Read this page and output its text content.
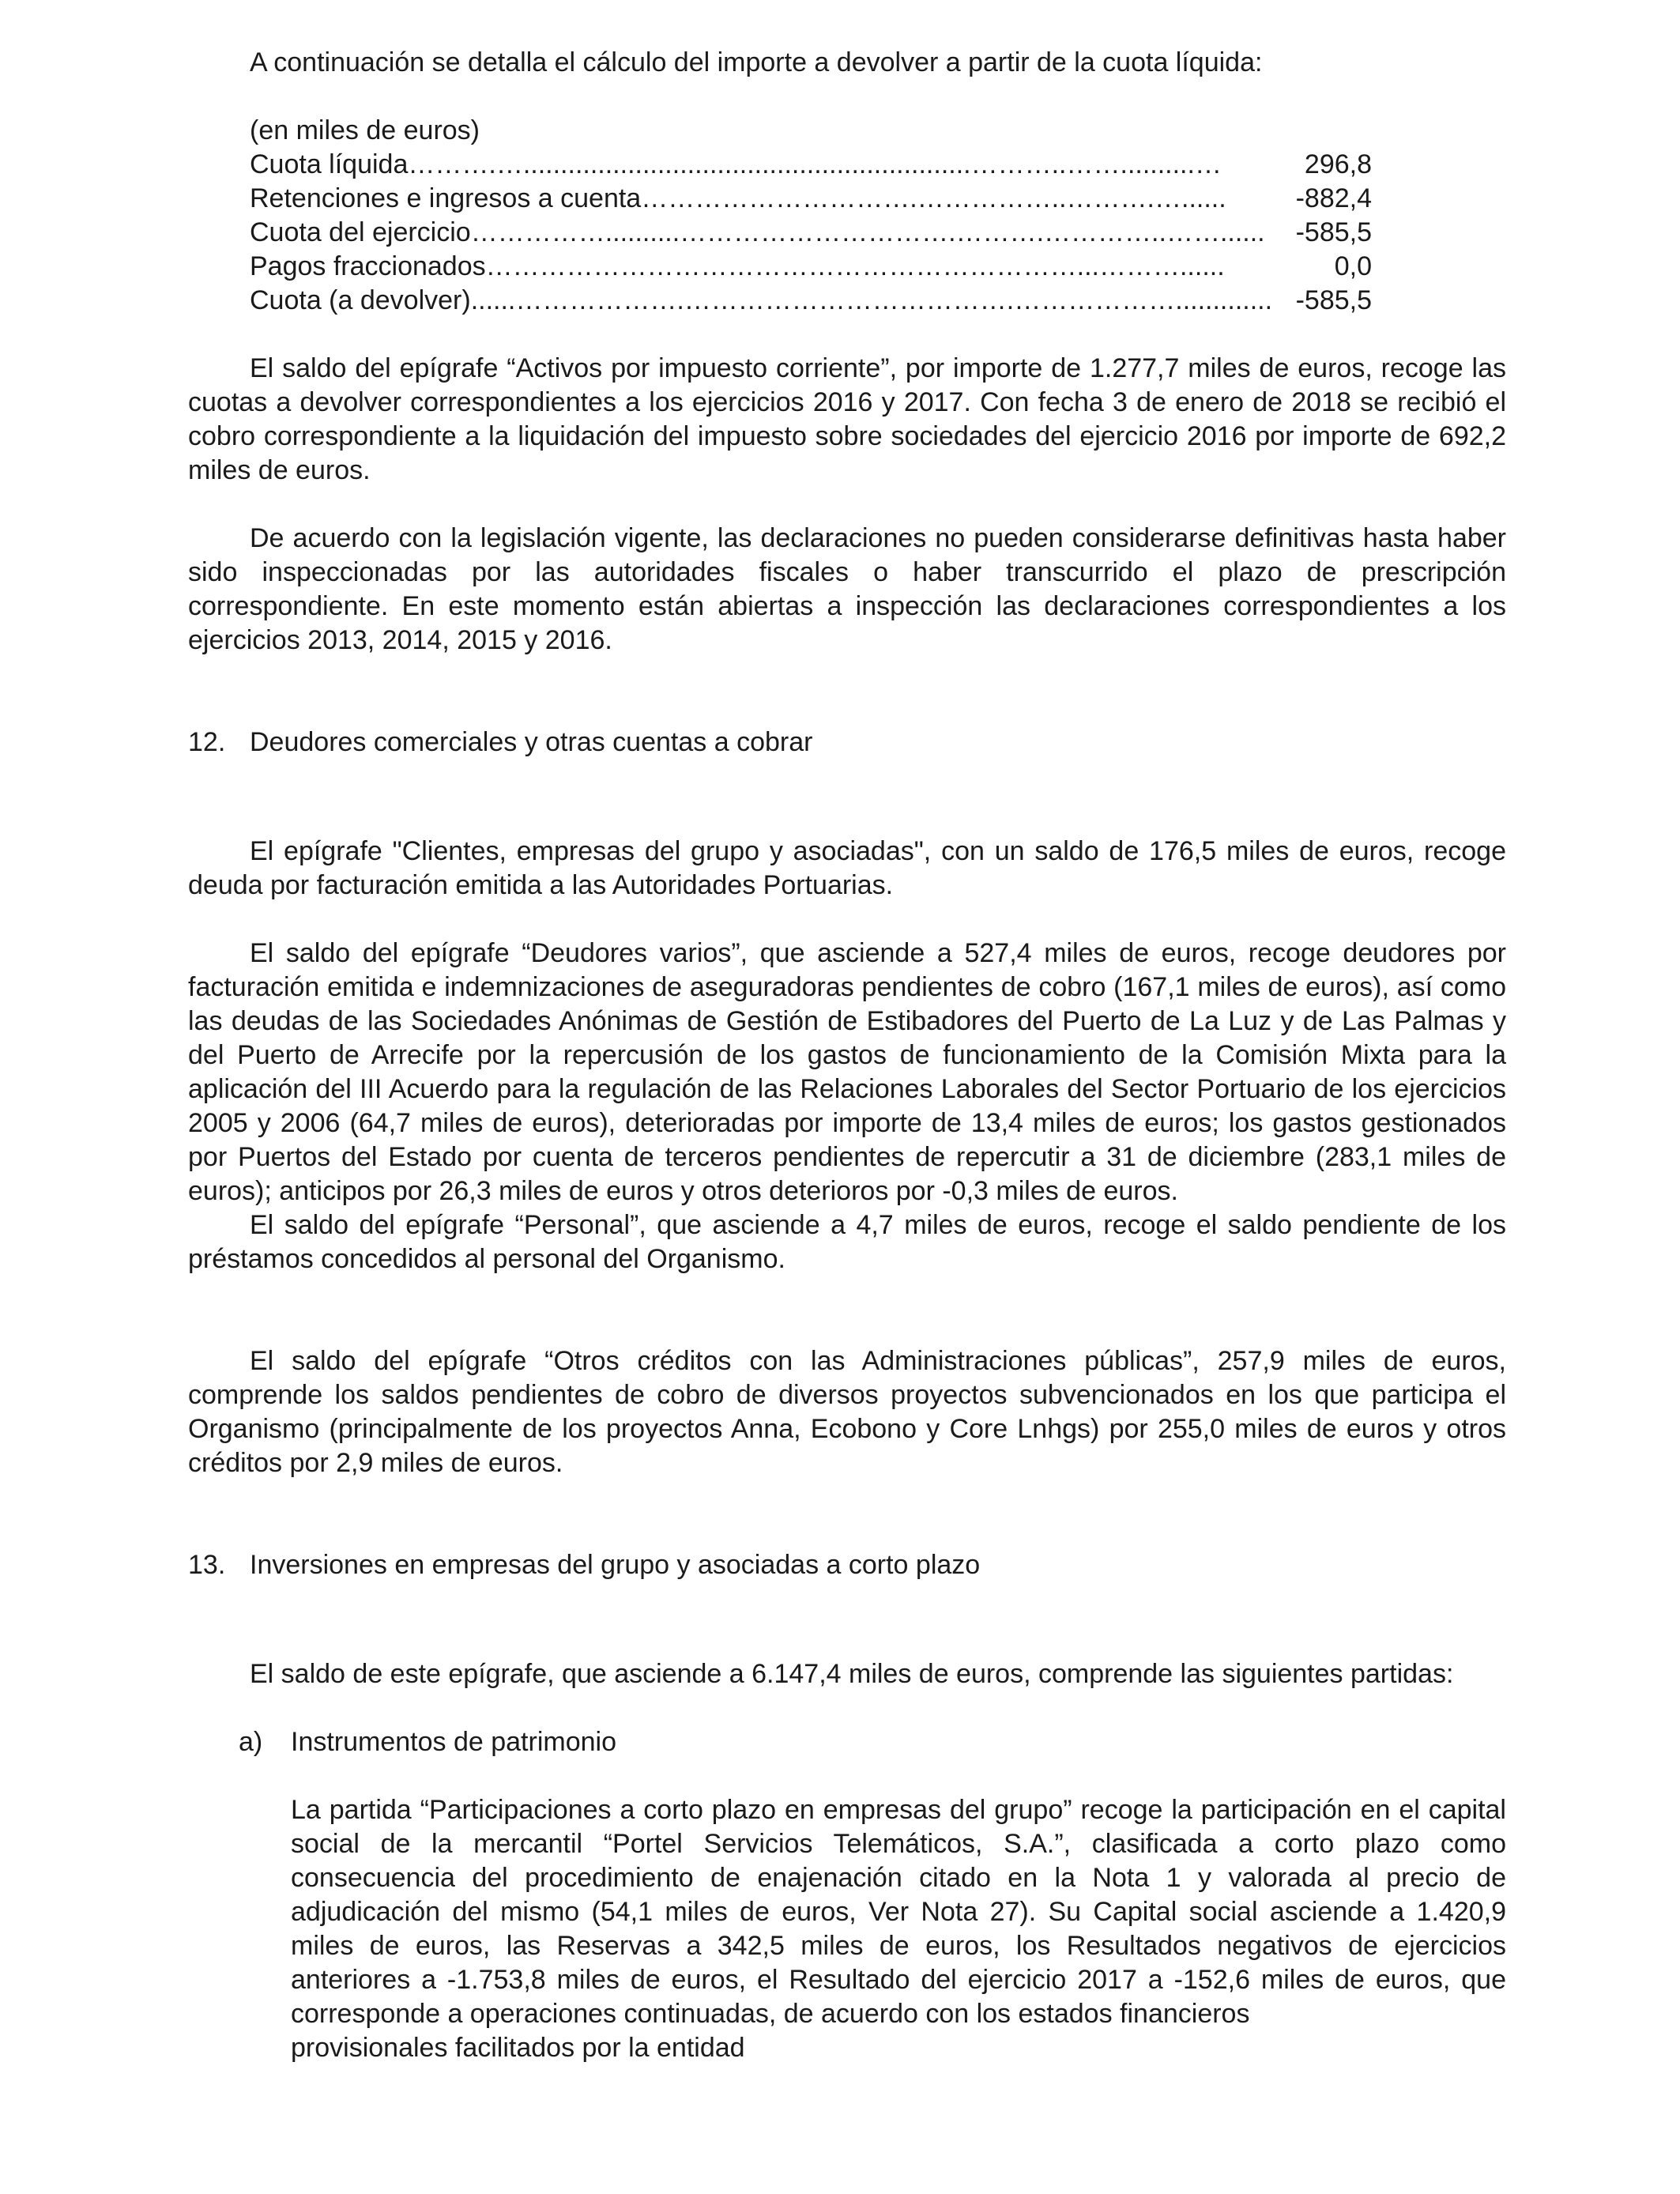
A continuación se detalla el cálculo del importe a devolver a partir de la cuota líquida:

(en miles de euros)
Cuota líquida ……….…............................................................………..……..........…	296,8
Retenciones e ingresos a cuenta ………………………….……………..……….…......	-882,4
Cuota del ejercicio ……………..........………………………….……….…………..……......	-585,5
Pagos fraccionados …………………………………………………………...………......	0,0
Cuota (a devolver) ......……………….……………………………….………………............. -585,5

El saldo del epígrafe “Activos por impuesto corriente”, por importe de 1.277,7 miles de euros, recoge las cuotas a devolver correspondientes a los ejercicios 2016 y 2017. Con fecha 3 de enero de 2018 se recibió el cobro correspondiente a la liquidación del impuesto sobre sociedades del ejercicio 2016 por importe de 692,2 miles de euros.

De acuerdo con la legislación vigente, las declaraciones no pueden considerarse definitivas hasta haber sido inspeccionadas por las autoridades fiscales o haber transcurrido el plazo de prescripción correspondiente. En este momento están abiertas a inspección las declaraciones correspondientes a los ejercicios 2013, 2014, 2015 y 2016.

12. Deudores comerciales y otras cuentas a cobrar

El epígrafe "Clientes, empresas del grupo y asociadas", con un saldo de 176,5 miles de euros, recoge deuda por facturación emitida a las Autoridades Portuarias.

El saldo del epígrafe “Deudores varios”, que asciende a 527,4 miles de euros, recoge deudores por facturación emitida e indemnizaciones de aseguradoras pendientes de cobro (167,1 miles de euros), así como las deudas de las Sociedades Anónimas de Gestión de Estibadores del Puerto de La Luz y de Las Palmas y del Puerto de Arrecife por la repercusión de los gastos de funcionamiento de la Comisión Mixta para la aplicación del III Acuerdo para la regulación de las Relaciones Laborales del Sector Portuario de los ejercicios 2005 y 2006 (64,7 miles de euros), deterioradas por importe de 13,4 miles de euros; los gastos gestionados por Puertos del Estado por cuenta de terceros pendientes de repercutir a 31 de diciembre (283,1 miles de euros); anticipos por 26,3 miles de euros y otros deterioros por -0,3 miles de euros.

El saldo del epígrafe “Personal”, que asciende a 4,7 miles de euros, recoge el saldo pendiente de los préstamos concedidos al personal del Organismo.

El saldo del epígrafe “Otros créditos con las Administraciones públicas”, 257,9 miles de euros, comprende los saldos pendientes de cobro de diversos proyectos subvencionados en los que participa el Organismo (principalmente de los proyectos Anna, Ecobono y Core Lnhgs) por 255,0 miles de euros y otros créditos por 2,9 miles de euros.

13. Inversiones en empresas del grupo y asociadas a corto plazo

El saldo de este epígrafe, que asciende a 6.147,4 miles de euros, comprende las siguientes partidas:

a)	Instrumentos de patrimonio

La partida “Participaciones a corto plazo en empresas del grupo” recoge la participación en el capital social de la mercantil “Portel Servicios Telemáticos, S.A.”, clasificada a corto plazo como consecuencia del procedimiento de enajenación citado en la Nota 1 y valorada al precio de adjudicación del mismo (54,1 miles de euros, Ver Nota 27). Su Capital social asciende a 1.420,9 miles de euros, las Reservas a 342,5 miles de euros, los Resultados negativos de ejercicios anteriores a -1.753,8 miles de euros, el Resultado del ejercicio 2017 a -152,6 miles de euros, que corresponde a operaciones continuadas, de acuerdo con los estados financieros

provisionales facilitados por la entidad
